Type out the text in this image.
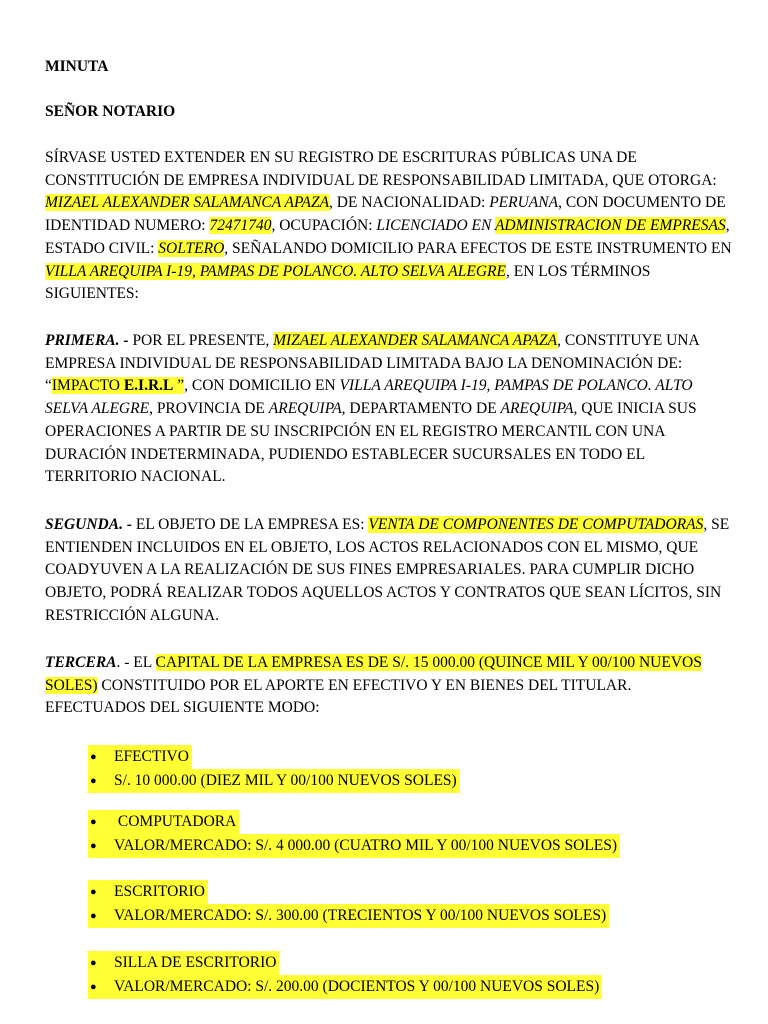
MINUTA

SEÑOR NOTARIO

SÍRVASE USTED EXTENDER EN SU REGISTRO DE ESCRITURAS PÚBLICAS UNA DE CONSTITUCIÓN DE EMPRESA INDIVIDUAL DE RESPONSABILIDAD LIMITADA, QUE OTORGA: MIZAEL ALEXANDER SALAMANCA APAZA, DE NACIONALIDAD: PERUANA, CON DOCUMENTO DE IDENTIDAD NUMERO: 72471740, OCUPACIÓN: LICENCIADO EN ADMINISTRACION DE EMPRESAS, ESTADO CIVIL: SOLTERO, SEÑALANDO DOMICILIO PARA EFECTOS DE ESTE INSTRUMENTO EN VILLA AREQUIPA I-19, PAMPAS DE POLANCO. ALTO SELVA ALEGRE, EN LOS TÉRMINOS SIGUIENTES:

PRIMERA. - POR EL PRESENTE, MIZAEL ALEXANDER SALAMANCA APAZA, CONSTITUYE UNA EMPRESA INDIVIDUAL DE RESPONSABILIDAD LIMITADA BAJO LA DENOMINACIÓN DE: “IMPACTO E.I.R.L ”, CON DOMICILIO EN VILLA AREQUIPA I-19, PAMPAS DE POLANCO. ALTO SELVA ALEGRE, PROVINCIA DE AREQUIPA, DEPARTAMENTO DE AREQUIPA, QUE INICIA SUS OPERACIONES A PARTIR DE SU INSCRIPCIÓN EN EL REGISTRO MERCANTIL CON UNA DURACIÓN INDETERMINADA, PUDIENDO ESTABLECER SUCURSALES EN TODO EL TERRITORIO NACIONAL.

SEGUNDA. - EL OBJETO DE LA EMPRESA ES: VENTA DE COMPONENTES DE COMPUTADORAS, SE ENTIENDEN INCLUIDOS EN EL OBJETO, LOS ACTOS RELACIONADOS CON EL MISMO, QUE COADYUVEN A LA REALIZACIÓN DE SUS FINES EMPRESARIALES. PARA CUMPLIR DICHO OBJETO, PODRÁ REALIZAR TODOS AQUELLOS ACTOS Y CONTRATOS QUE SEAN LÍCITOS, SIN RESTRICCIÓN ALGUNA.

TERCERA. - EL CAPITAL DE LA EMPRESA ES DE S/. 15 000.00 (QUINCE MIL Y 00/100 NUEVOS SOLES) CONSTITUIDO POR EL APORTE EN EFECTIVO Y EN BIENES DEL TITULAR. EFECTUADOS DEL SIGUIENTE MODO:

● EFECTIVO
● S/. 10 000.00 (DIEZ MIL Y 00/100 NUEVOS SOLES)
● COMPUTADORA
● VALOR/MERCADO: S/. 4 000.00 (CUATRO MIL Y 00/100 NUEVOS SOLES)
● ESCRITORIO
● VALOR/MERCADO: S/. 300.00 (TRECIENTOS Y 00/100 NUEVOS SOLES)
● SILLA DE ESCRITORIO
● VALOR/MERCADO: S/. 200.00 (DOCIENTOS Y 00/100 NUEVOS SOLES)
